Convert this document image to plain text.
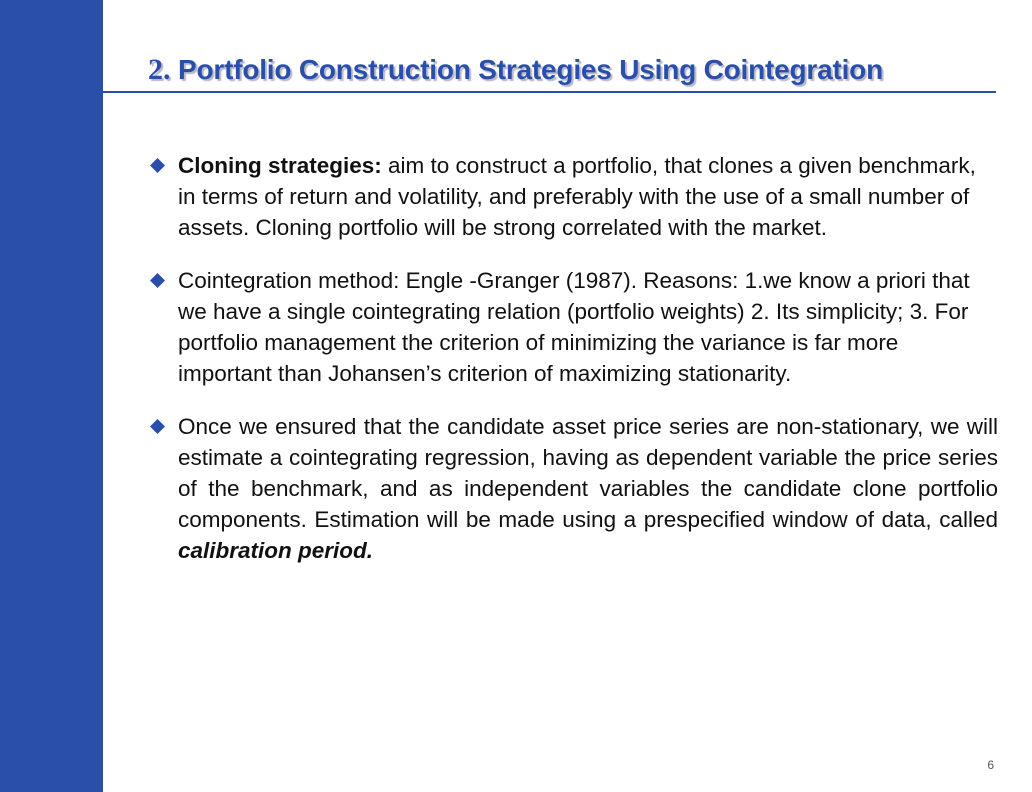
2. Portfolio Construction Strategies Using Cointegration
Cloning strategies: aim to construct a portfolio, that clones a given benchmark, in terms of return and volatility, and preferably with the use of a small number of assets. Cloning portfolio will be strong correlated with the market.
Cointegration method: Engle -Granger (1987). Reasons: 1.we know a priori that we have a single cointegrating relation (portfolio weights) 2. Its simplicity; 3. For portfolio management the criterion of minimizing the variance is far more important than Johansen’s criterion of maximizing stationarity.
Once we ensured that the candidate asset price series are non-stationary, we will estimate a cointegrating regression, having as dependent variable the price series of the benchmark, and as independent variables the candidate clone portfolio components. Estimation will be made using a prespecified window of data, called calibration period.
6
